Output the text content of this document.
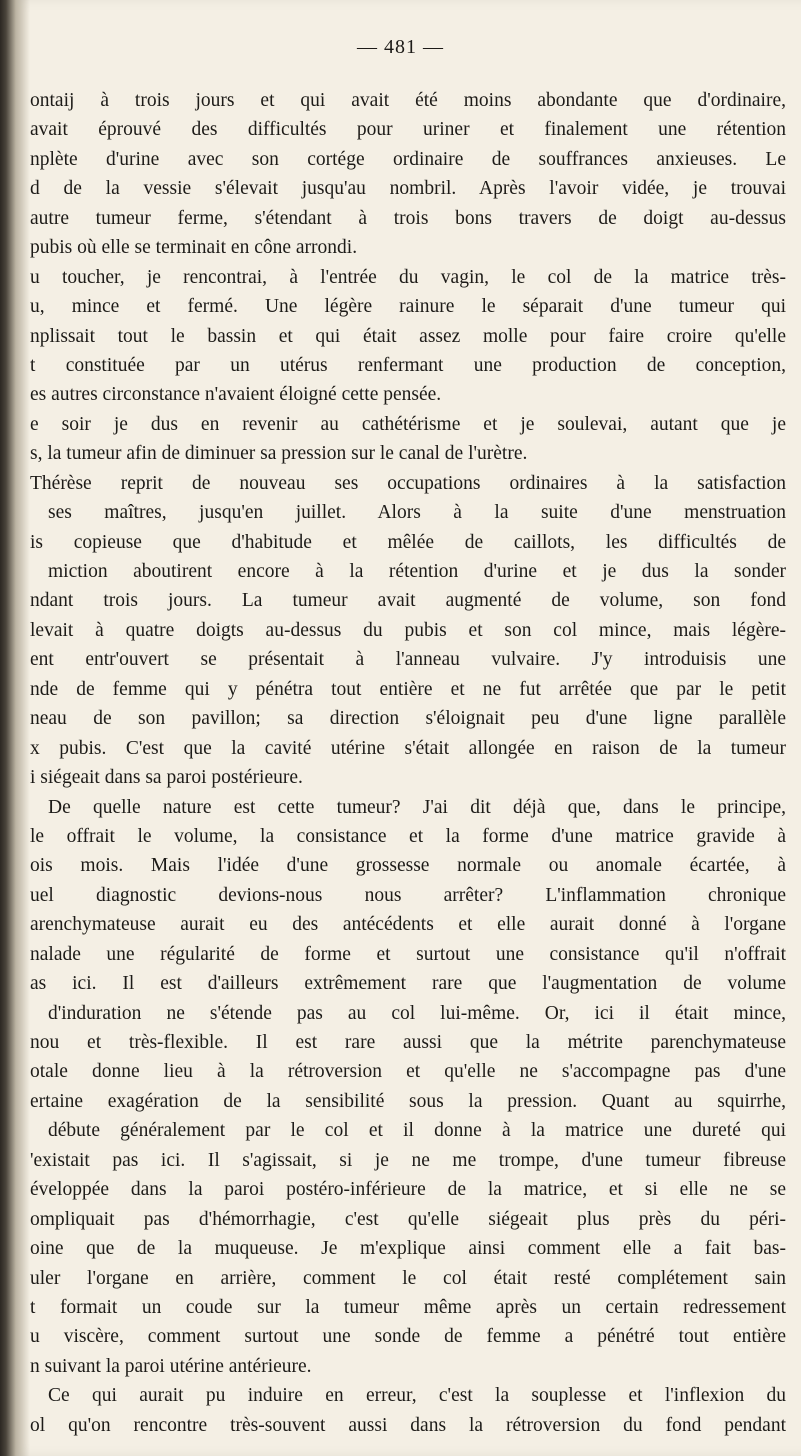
— 481 —
ontaij à trois jours et qui avait été moins abondante que d'ordinaire,
avait éprouvé des difficultés pour uriner et finalement une rétention
nplète d'urine avec son cortége ordinaire de souffrances anxieuses. Le
d de la vessie s'élevait jusqu'au nombril. Après l'avoir vidée, je trouvai
autre tumeur ferme, s'étendant à trois bons travers de doigt au-dessus
pubis où elle se terminait en cône arrondi.
u toucher, je rencontrai, à l'entrée du vagin, le col de la matrice très-
u, mince et fermé. Une légère rainure le séparait d'une tumeur qui
nplissait tout le bassin et qui était assez molle pour faire croire qu'elle
t constituée par un utérus renfermant une production de conception,
es autres circonstance n'avaient éloigné cette pensée.
e soir je dus en revenir au cathétérisme et je soulevai, autant que je
s, la tumeur afin de diminuer sa pression sur le canal de l'urètre.
Thérèse reprit de nouveau ses occupations ordinaires à la satisfaction
ses maîtres, jusqu'en juillet. Alors à la suite d'une menstruation
is copieuse que d'habitude et mêlée de caillots, les difficultés de
miction aboutirent encore à la rétention d'urine et je dus la sonder
ndant trois jours. La tumeur avait augmenté de volume, son fond
levait à quatre doigts au-dessus du pubis et son col mince, mais légère-
ent entr'ouvert se présentait à l'anneau vulvaire. J'y introduisis une
nde de femme qui y pénétra tout entière et ne fut arrêtée que par le petit
neau de son pavillon; sa direction s'éloignait peu d'une ligne parallèle
x pubis. C'est que la cavité utérine s'était allongée en raison de la tumeur
i siégeait dans sa paroi postérieure.
De quelle nature est cette tumeur? J'ai dit déjà que, dans le principe,
le offrait le volume, la consistance et la forme d'une matrice gravide à
ois mois. Mais l'idée d'une grossesse normale ou anomale écartée, à
uel diagnostic devions-nous nous arrêter? L'inflammation chronique
arenchymateuse aurait eu des antécédents et elle aurait donné à l'organe
nalade une régularité de forme et surtout une consistance qu'il n'offrait
as ici. Il est d'ailleurs extrêmement rare que l'augmentation de volume
d'induration ne s'étende pas au col lui-même. Or, ici il était mince,
nou et très-flexible. Il est rare aussi que la métrite parenchymateuse
otale donne lieu à la rétroversion et qu'elle ne s'accompagne pas d'une
ertaine exagération de la sensibilité sous la pression. Quant au squirrhe,
débute généralement par le col et il donne à la matrice une dureté qui
'existait pas ici. Il s'agissait, si je ne me trompe, d'une tumeur fibreuse
éveloppée dans la paroi postéro-inférieure de la matrice, et si elle ne se
ompliquait pas d'hémorrhagie, c'est qu'elle siégeait plus près du péri-
oine que de la muqueuse. Je m'explique ainsi comment elle a fait bas-
uler l'organe en arrière, comment le col était resté complétement sain
t formait un coude sur la tumeur même après un certain redressement
u viscère, comment surtout une sonde de femme a pénétré tout entière
n suivant la paroi utérine antérieure.
Ce qui aurait pu induire en erreur, c'est la souplesse et l'inflexion du
ol qu'on rencontre très-souvent aussi dans la rétroversion du fond pendant
